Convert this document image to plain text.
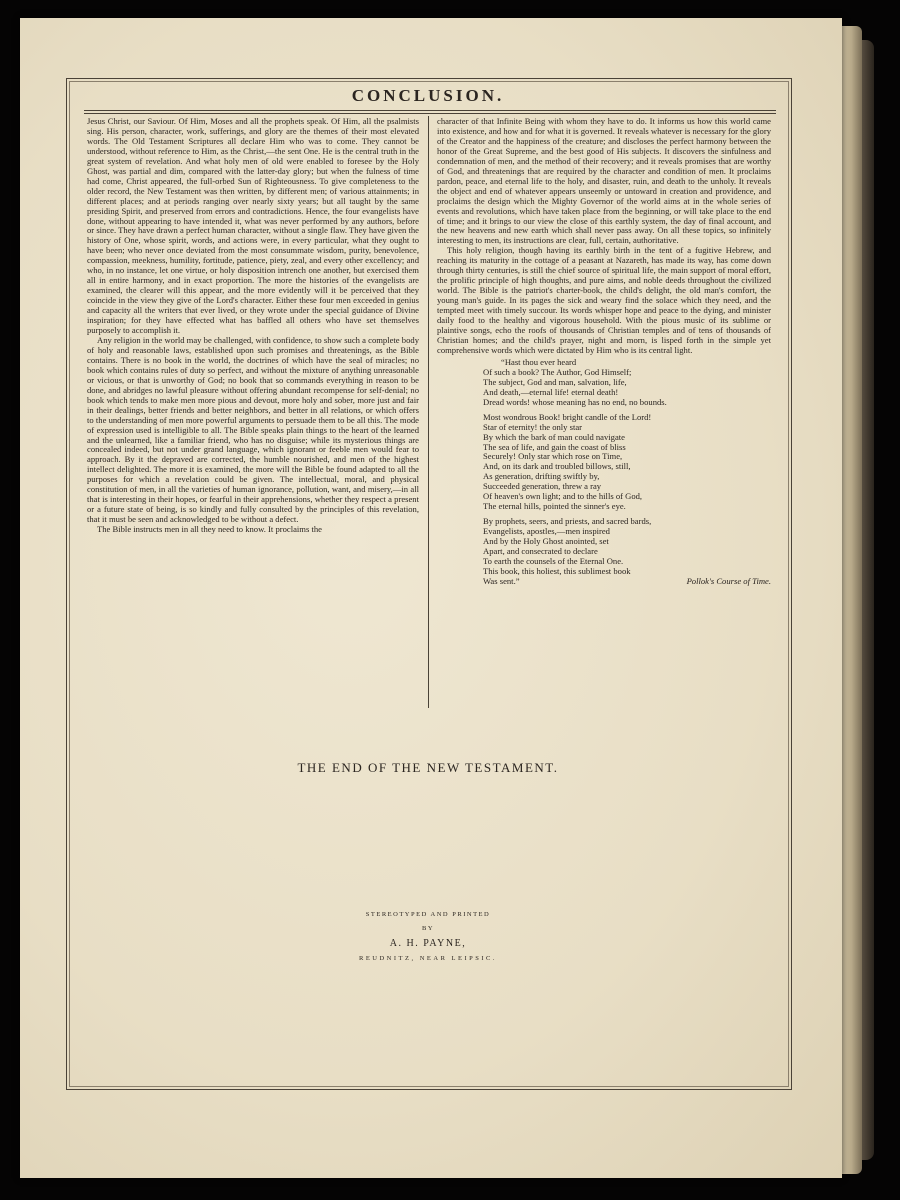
CONCLUSION.

Jesus Christ, our Saviour. Of Him, Moses and all the prophets speak. Of Him, all the psalmists sing. His person, character, work, sufferings, and glory are the themes of their most elevated words. The Old Testament Scriptures all declare Him who was to come. They cannot be understood, without reference to Him, as the Christ,—the sent One. He is the central truth in the great system of revelation. And what holy men of old were enabled to foresee by the Holy Ghost, was partial and dim, compared with the latter-day glory; but when the fulness of time had come, Christ appeared, the full-orbed Sun of Righteousness. To give completeness to the older record, the New Testament was then written, by different men; of various attainments; in different places; and at periods ranging over nearly sixty years; but all taught by the same presiding Spirit, and preserved from errors and contradictions. Hence, the four evangelists have done, without appearing to have intended it, what was never performed by any authors, before or since. They have drawn a perfect human character, without a single flaw. They have given the history of One, whose spirit, words, and actions were, in every particular, what they ought to have been; who never once deviated from the most consummate wisdom, purity, benevolence, compassion, meekness, humility, fortitude, patience, piety, zeal, and every other excellency; and who, in no instance, let one virtue, or holy disposition intrench one another, but exercised them all in entire harmony, and in exact proportion. The more the histories of the evangelists are examined, the clearer will this appear, and the more evidently will it be perceived that they coincide in the view they give of the Lord's character. Either these four men exceeded in genius and capacity all the writers that ever lived, or they wrote under the special guidance of Divine inspiration; for they have effected what has baffled all others who have set themselves purposely to accomplish it.

Any religion in the world may be challenged, with confidence, to show such a complete body of holy and reasonable laws, established upon such promises and threatenings, as the Bible contains. There is no book in the world, the doctrines of which have the seal of miracles; no book which contains rules of duty so perfect, and without the mixture of anything unreasonable or vicious, or that is unworthy of God; no book that so commands everything in reason to be done, and abridges no lawful pleasure without offering abundant recompense for self-denial; no book which tends to make men more pious and devout, more holy and sober, more just and fair in their dealings, better friends and better neighbors, and better in all relations, or which offers to the understanding of men more powerful arguments to persuade them to be all this. The mode of expression used is intelligible to all. The Bible speaks plain things to the heart of the learned and the unlearned, like a familiar friend, who has no disguise; while its mysterious things are concealed indeed, but not under grand language, which ignorant or feeble men would fear to approach. By it the depraved are corrected, the humble nourished, and men of the highest intellect delighted. The more it is examined, the more will the Bible be found adapted to all the purposes for which a revelation could be given. The intellectual, moral, and physical constitution of men, in all the varieties of human ignorance, pollution, want, and misery,—in all that is interesting in their hopes, or fearful in their apprehensions, whether they respect a present or a future state of being, is so kindly and fully consulted by the principles of this revelation, that it must be seen and acknowledged to be without a defect.

The Bible instructs men in all they need to know. It proclaims the

character of that Infinite Being with whom they have to do. It informs us how this world came into existence, and how and for what it is governed. It reveals whatever is necessary for the glory of the Creator and the happiness of the creature; and discloses the perfect harmony between the honor of the Great Supreme, and the best good of His subjects. It discovers the sinfulness and condemnation of men, and the method of their recovery; and it reveals promises that are worthy of God, and threatenings that are required by the character and condition of men. It proclaims pardon, peace, and eternal life to the holy, and disaster, ruin, and death to the unholy. It reveals the object and end of whatever appears unseemly or untoward in creation and providence, and proclaims the design which the Mighty Governor of the world aims at in the whole series of events and revolutions, which have taken place from the beginning, or will take place to the end of time; and it brings to our view the close of this earthly system, the day of final account, and the new heavens and new earth which shall never pass away. On all these topics, so infinitely interesting to men, its instructions are clear, full, certain, authoritative.

This holy religion, though having its earthly birth in the tent of a fugitive Hebrew, and reaching its maturity in the cottage of a peasant at Nazareth, has made its way, has come down through thirty centuries, is still the chief source of spiritual life, the main support of moral effort, the prolific principle of high thoughts, and pure aims, and noble deeds throughout the civilized world. The Bible is the patriot's charter-book, the child's delight, the old man's comfort, the young man's guide. In its pages the sick and weary find the solace which they need, and the tempted meet with timely succour. Its words whisper hope and peace to the dying, and minister daily food to the healthy and vigorous household. With the pious music of its sublime or plaintive songs, echo the roofs of thousands of Christian temples and of tens of thousands of Christian homes; and the child's prayer, night and morn, is lisped forth in the simple yet comprehensive words which were dictated by Him who is its central light.

“Hast thou ever heard
Of such a book? The Author, God Himself;
The subject, God and man, salvation, life,
And death,—eternal life! eternal death!
Dread words! whose meaning has no end, no bounds.
Most wondrous Book! bright candle of the Lord!
Star of eternity! the only star
By which the bark of man could navigate
The sea of life, and gain the coast of bliss
Securely! Only star which rose on Time,
And, on its dark and troubled billows, still,
As generation, drifting swiftly by,
Succeeded generation, threw a ray
Of heaven's own light; and to the hills of God,
The eternal hills, pointed the sinner's eye.
By prophets, seers, and priests, and sacred bards,
Evangelists, apostles,—men inspired
And by the Holy Ghost anointed, set
Apart, and consecrated to declare
To earth the counsels of the Eternal One.
This book, this holiest, this sublimest book
Was sent.”	Pollok's Course of Time.
THE END OF THE NEW TESTAMENT.
STEREOTYPED AND PRINTED
BY
A. H. PAYNE,
REUDNITZ, NEAR LEIPSIC.
